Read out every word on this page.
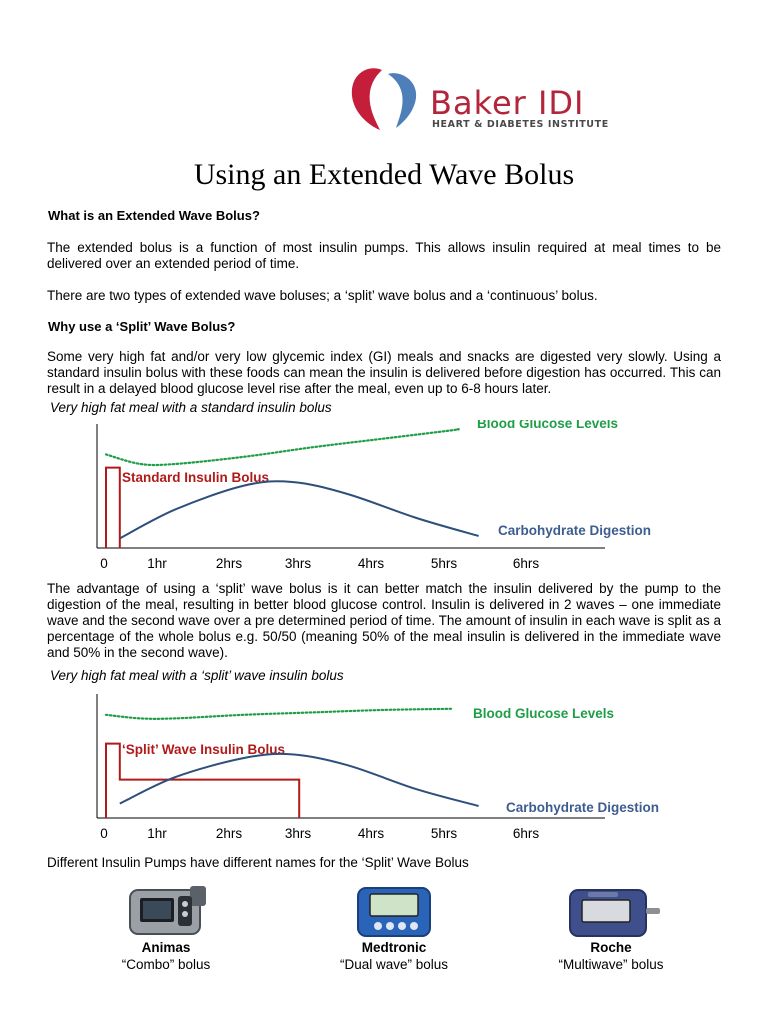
Baker IDI
HEART & DIABETES INSTITUTE
Using an Extended Wave Bolus
What is an Extended Wave Bolus?
The extended bolus is a function of most insulin pumps. This allows insulin required at meal times to be delivered over an extended period of time.
There are two types of extended wave boluses; a ‘split’ wave bolus and a ‘continuous’ bolus.
Why use a ‘Split’ Wave Bolus?
Some very high fat and/or very low glycemic index (GI) meals and snacks are digested very slowly. Using a standard insulin bolus with these foods can mean the insulin is delivered before digestion has occurred. This can result in a delayed blood glucose level rise after the meal, even up to 6-8 hours later.
Very high fat meal with a standard insulin bolus
0	1hr	2hrs	3hrs	4hrs	5hrs	6hrs
Blood Glucose Levels
Standard Insulin Bolus
Carbohydrate Digestion
The advantage of using a ‘split’ wave bolus is it can better match the insulin delivered by the pump to the digestion of the meal, resulting in better blood glucose control. Insulin is delivered in 2 waves – one immediate wave and the second wave over a pre determined period of time. The amount of insulin in each wave is split as a percentage of the whole bolus e.g. 50/50 (meaning 50% of the meal insulin is delivered in the immediate wave and 50% in the second wave).
Very high fat meal with a ‘split’ wave insulin bolus
0	1hr	2hrs	3hrs	4hrs	5hrs	6hrs
Blood Glucose Levels
‘Split’ Wave Insulin Bolus
Carbohydrate Digestion
Different Insulin Pumps have different names for the ‘Split’ Wave Bolus
Animas
“Combo” bolus
Medtronic
“Dual wave” bolus
Roche
“Multiwave” bolus
